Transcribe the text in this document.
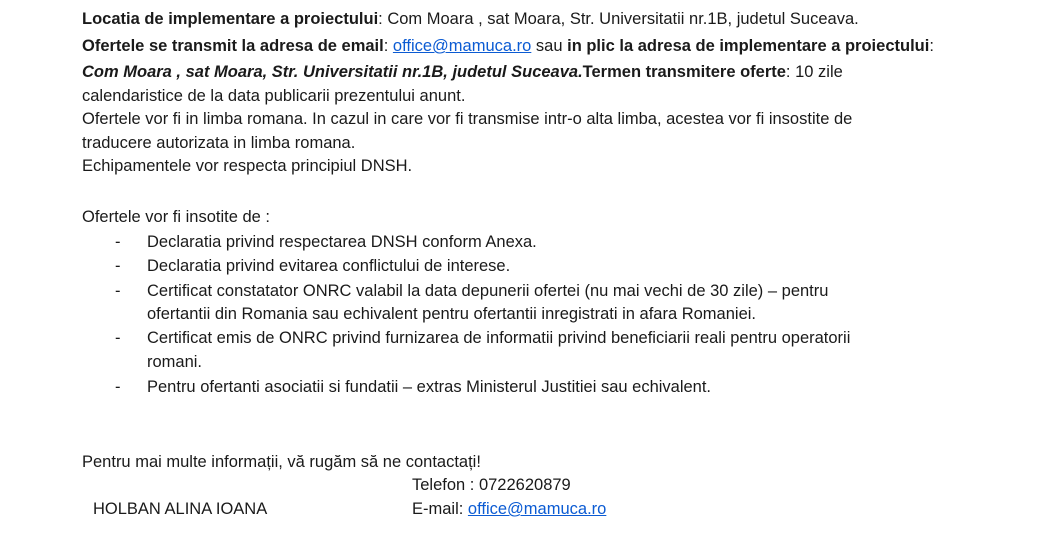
Locatia de implementare a proiectului: Com Moara , sat Moara, Str. Universitatii nr.1B, judetul Suceava.
Ofertele se transmit la adresa de email: office@mamuca.ro sau in plic la adresa de implementare a proiectului:
Com Moara , sat Moara, Str. Universitatii nr.1B, judetul Suceava.Termen transmitere oferte: 10 zile
calendaristice de la data publicarii prezentului anunt.
Ofertele vor fi in limba romana. In cazul in care vor fi transmise intr-o alta limba, acestea vor fi insostite de
traducere autorizata in limba romana.
Echipamentele vor respecta principiul DNSH.
Ofertele vor fi insotite de :
- Declaratia privind respectarea DNSH conform Anexa.
- Declaratia privind evitarea conflictului de interese.
- Certificat constatator ONRC valabil la data depunerii ofertei (nu mai vechi de 30 zile) – pentru
ofertantii din Romania sau echivalent pentru ofertantii inregistrati in afara Romaniei.
- Certificat emis de ONRC privind furnizarea de informatii privind beneficiarii reali pentru operatorii
romani.
- Pentru ofertanti asociatii si fundatii – extras Ministerul Justitiei sau echivalent.
Pentru mai multe informații, vă rugăm să ne contactați!
Telefon : 0722620879
HOLBAN ALINA IOANA	E-mail: office@mamuca.ro
